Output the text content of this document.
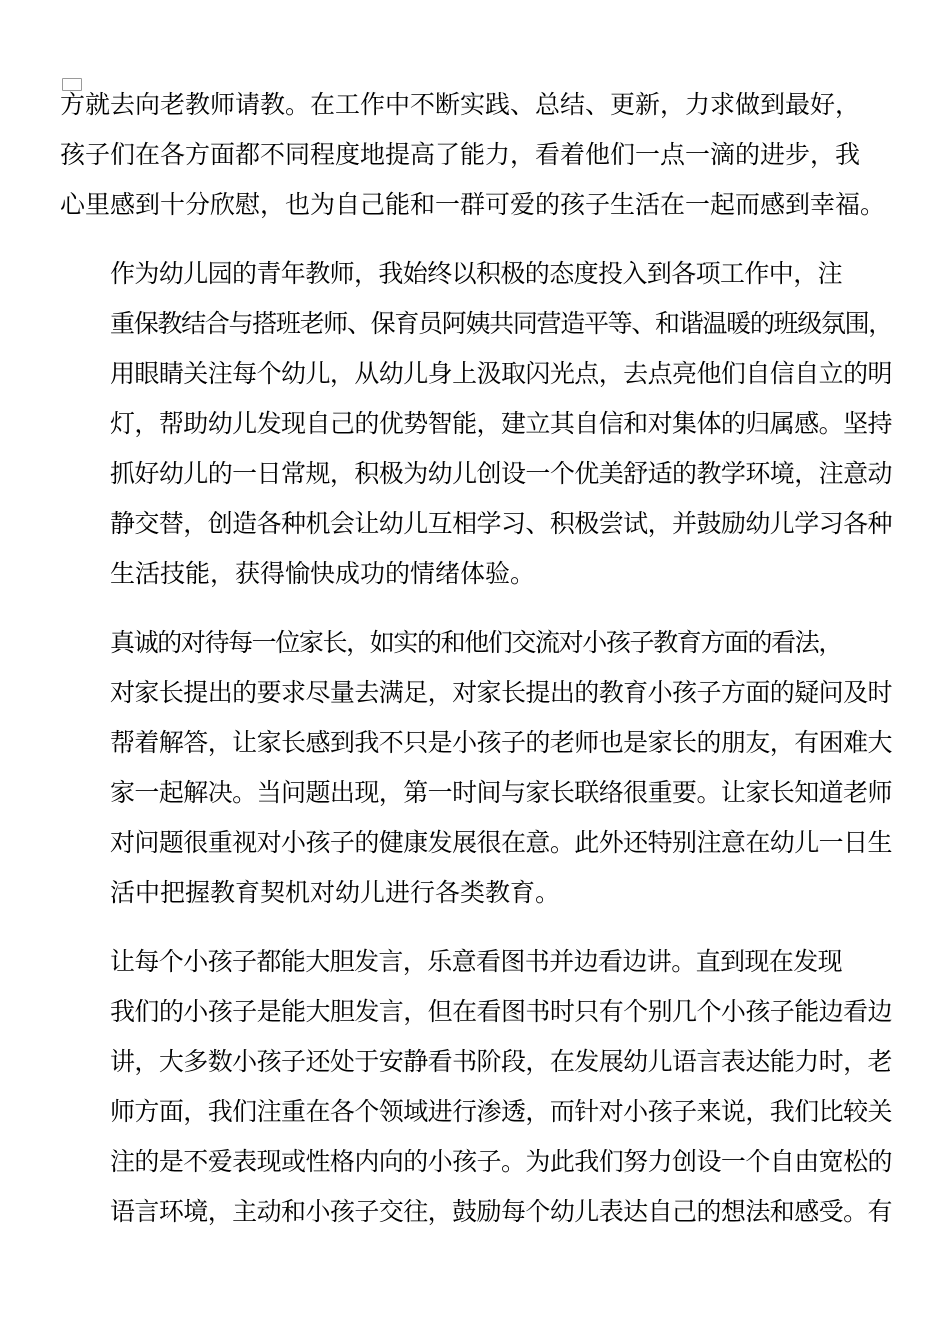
方就去向老教师请教。在工作中不断实践、总结、更新，力求做到最好，
孩子们在各方面都不同程度地提高了能力，看着他们一点一滴的进步，我
心里感到十分欣慰，也为自己能和一群可爱的孩子生活在一起而感到幸福。
作为幼儿园的青年教师，我始终以积极的态度投入到各项工作中，注
重保教结合与搭班老师、保育员阿姨共同营造平等、和谐温暖的班级氛围，
用眼睛关注每个幼儿，从幼儿身上汲取闪光点，去点亮他们自信自立的明
灯，帮助幼儿发现自己的优势智能，建立其自信和对集体的归属感。坚持
抓好幼儿的一日常规，积极为幼儿创设一个优美舒适的教学环境，注意动
静交替，创造各种机会让幼儿互相学习、积极尝试，并鼓励幼儿学习各种
生活技能，获得愉快成功的情绪体验。
真诚的对待每一位家长，如实的和他们交流对小孩子教育方面的看法，
对家长提出的要求尽量去满足，对家长提出的教育小孩子方面的疑问及时
帮着解答，让家长感到我不只是小孩子的老师也是家长的朋友，有困难大
家一起解决。当问题出现，第一时间与家长联络很重要。让家长知道老师
对问题很重视对小孩子的健康发展很在意。此外还特别注意在幼儿一日生
活中把握教育契机对幼儿进行各类教育。
让每个小孩子都能大胆发言，乐意看图书并边看边讲。直到现在发现
我们的小孩子是能大胆发言，但在看图书时只有个别几个小孩子能边看边
讲，大多数小孩子还处于安静看书阶段，在发展幼儿语言表达能力时，老
师方面，我们注重在各个领域进行渗透，而针对小孩子来说，我们比较关
注的是不爱表现或性格内向的小孩子。为此我们努力创设一个自由宽松的
语言环境，主动和小孩子交往，鼓励每个幼儿表达自己的想法和感受。有
